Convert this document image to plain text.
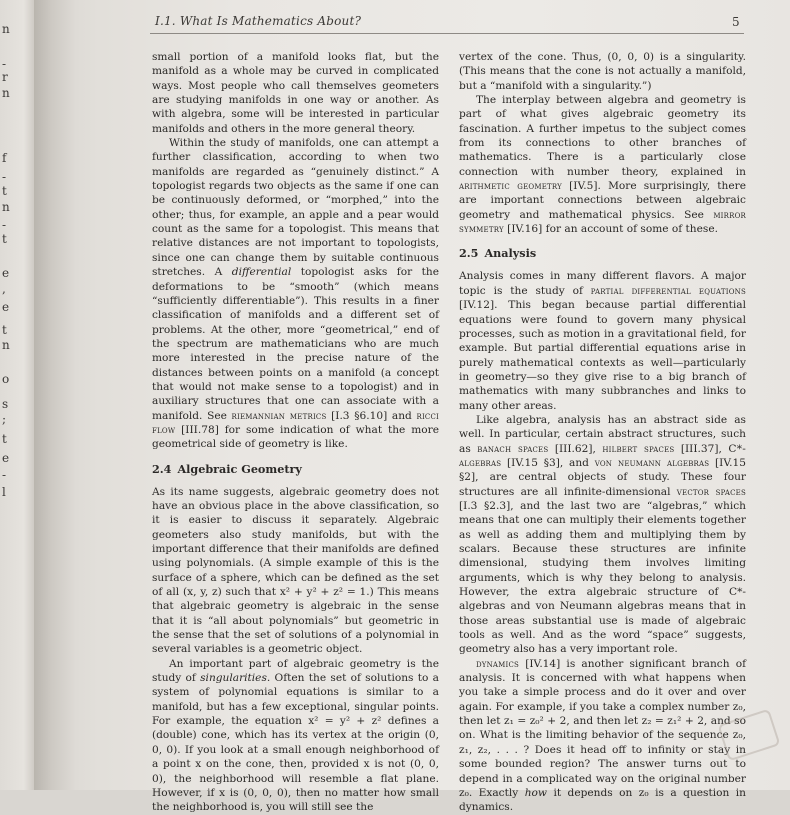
n
-
r
n
f
-
t
n
-
t
e
,
e
t
n
o
s
;
t
e
-
l
I.1. What Is Mathematics About?	5

small portion of a manifold looks flat, but the manifold as a whole may be curved in complicated ways. Most people who call themselves geometers are studying manifolds in one way or another. As with algebra, some will be interested in particular manifolds and others in the more general theory.

Within the study of manifolds, one can attempt a further classification, according to when two manifolds are regarded as “genuinely distinct.” A topologist regards two objects as the same if one can be continuously deformed, or “morphed,” into the other; thus, for example, an apple and a pear would count as the same for a topologist. This means that relative distances are not important to topologists, since one can change them by suitable continuous stretches. A differential topologist asks for the deformations to be “smooth” (which means “sufficiently differentiable”). This results in a finer classification of manifolds and a different set of problems. At the other, more “geometrical,” end of the spectrum are mathematicians who are much more interested in the precise nature of the distances between points on a manifold (a concept that would not make sense to a topologist) and in auxiliary structures that one can associate with a manifold. See riemannian metrics [I.3 §6.10] and ricci flow [III.78] for some indication of what the more geometrical side of geometry is like.

2.4 Algebraic Geometry

As its name suggests, algebraic geometry does not have an obvious place in the above classification, so it is easier to discuss it separately. Algebraic geometers also study manifolds, but with the important difference that their manifolds are defined using polynomials. (A simple example of this is the surface of a sphere, which can be defined as the set of all (x, y, z) such that x² + y² + z² = 1.) This means that algebraic geometry is algebraic in the sense that it is “all about polynomials” but geometric in the sense that the set of solutions of a polynomial in several variables is a geometric object.

An important part of algebraic geometry is the study of singularities. Often the set of solutions to a system of polynomial equations is similar to a manifold, but has a few exceptional, singular points. For example, the equation x² = y² + z² defines a (double) cone, which has its vertex at the origin (0, 0, 0). If you look at a small enough neighborhood of a point x on the cone, then, provided x is not (0, 0, 0), the neighborhood will resemble a flat plane. However, if x is (0, 0, 0), then no matter how small the neighborhood is, you will still see the

vertex of the cone. Thus, (0, 0, 0) is a singularity. (This means that the cone is not actually a manifold, but a “manifold with a singularity.”)

The interplay between algebra and geometry is part of what gives algebraic geometry its fascination. A further impetus to the subject comes from its connections to other branches of mathematics. There is a particularly close connection with number theory, explained in arithmetic geometry [IV.5]. More surprisingly, there are important connections between algebraic geometry and mathematical physics. See mirror symmetry [IV.16] for an account of some of these.

2.5 Analysis

Analysis comes in many different flavors. A major topic is the study of partial differential equations [IV.12]. This began because partial differential equations were found to govern many physical processes, such as motion in a gravitational field, for example. But partial differential equations arise in purely mathematical contexts as well—particularly in geometry—so they give rise to a big branch of mathematics with many subbranches and links to many other areas.

Like algebra, analysis has an abstract side as well. In particular, certain abstract structures, such as banach spaces [III.62], hilbert spaces [III.37], C*-algebras [IV.15 §3], and von neumann algebras [IV.15 §2], are central objects of study. These four structures are all infinite-dimensional vector spaces [I.3 §2.3], and the last two are “algebras,” which means that one can multiply their elements together as well as adding them and multiplying them by scalars. Because these structures are infinite dimensional, studying them involves limiting arguments, which is why they belong to analysis. However, the extra algebraic structure of C*-algebras and von Neumann algebras means that in those areas substantial use is made of algebraic tools as well. And as the word “space” suggests, geometry also has a very important role.

dynamics [IV.14] is another significant branch of analysis. It is concerned with what happens when you take a simple process and do it over and over again. For example, if you take a complex number z₀, then let z₁ = z₀² + 2, and then let z₂ = z₁² + 2, and so on. What is the limiting behavior of the sequence z₀, z₁, z₂, . . . ? Does it head off to infinity or stay in some bounded region? The answer turns out to depend in a complicated way on the original number z₀. Exactly how it depends on z₀ is a question in dynamics.
